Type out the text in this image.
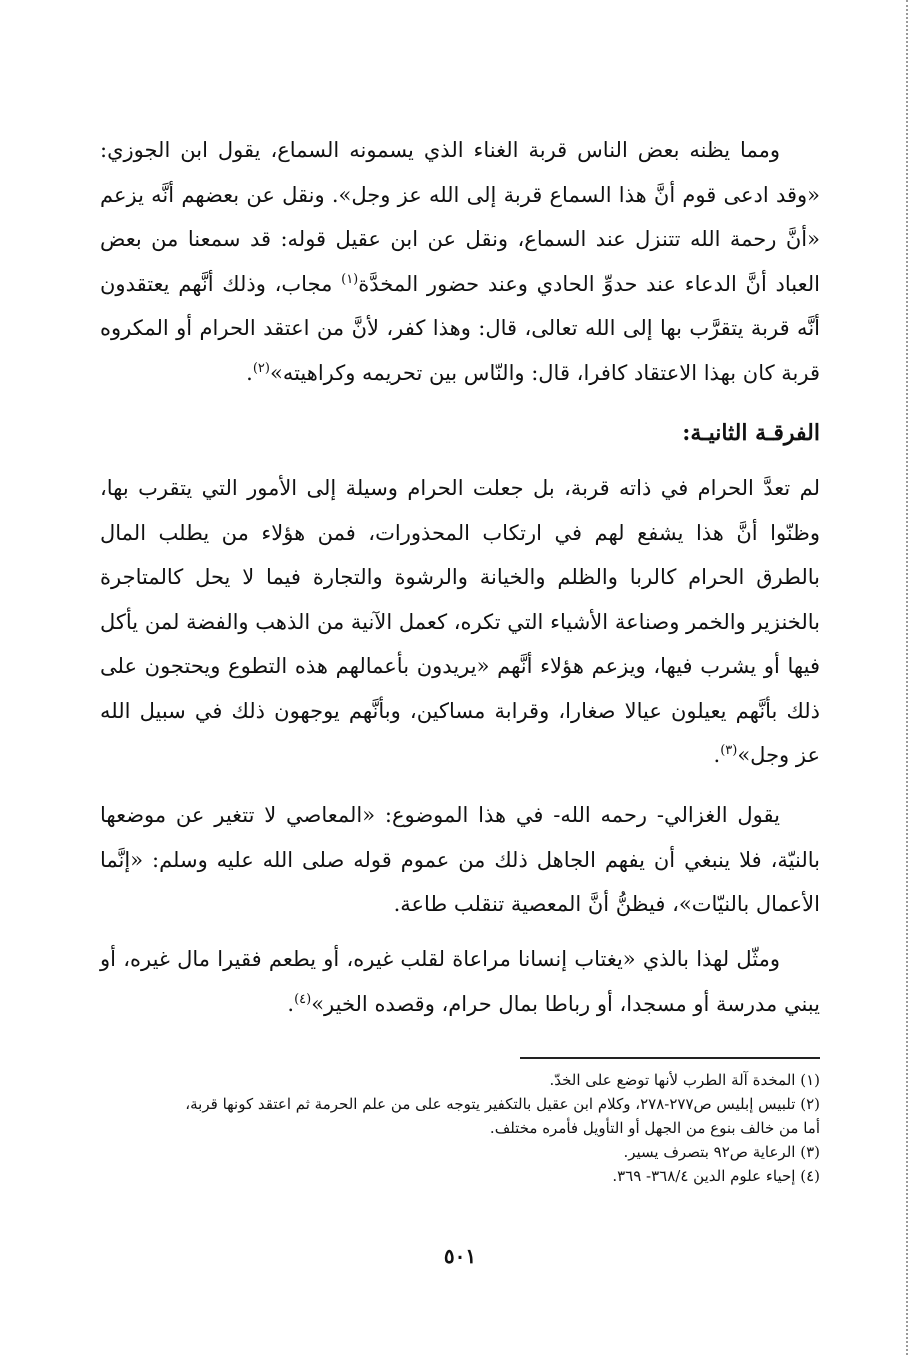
ومما يظنه بعض الناس قربة الغناء الذي يسمونه السماع، يقول ابن الجوزي: «وقد ادعى قوم أنَّ هذا السماع قربة إلى الله عز وجل». ونقل عن بعضهم أنَّه يزعم «أنَّ رحمة الله تتنزل عند السماع، ونقل عن ابن عقيل قوله: قد سمعنا من بعض العباد أنَّ الدعاء عند حدوِّ الحادي وعند حضور المخدَّة$^{(١)}$ مجاب، وذلك أنَّهم يعتقدون أنَّه قربة يتقرَّب بها إلى الله تعالى، قال: وهذا كفر، لأنَّ من اعتقد الحرام أو المكروه قربة كان بهذا الاعتقاد كافرا، قال: والنّاس بين تحريمه وكراهيته»$^{(٢)}$.

الفرقـة الثانيـة:

لم تعدَّ الحرام في ذاته قربة، بل جعلت الحرام وسيلة إلى الأمور التي يتقرب بها، وظنّوا أنَّ هذا يشفع لهم في ارتكاب المحذورات، فمن هؤلاء من يطلب المال بالطرق الحرام كالربا والظلم والخيانة والرشوة والتجارة فيما لا يحل كالمتاجرة بالخنزير والخمر وصناعة الأشياء التي تكره، كعمل الآنية من الذهب والفضة لمن يأكل فيها أو يشرب فيها، ويزعم هؤلاء أنَّهم «يريدون بأعمالهم هذه التطوع ويحتجون على ذلك بأنَّهم يعيلون عيالا صغارا، وقرابة مساكين، وبأنَّهم يوجهون ذلك في سبيل الله عز وجل»$^{(٣)}$.

يقول الغزالي- رحمه الله- في هذا الموضوع: «المعاصي لا تتغير عن موضعها بالنيّة، فلا ينبغي أن يفهم الجاهل ذلك من عموم قوله صلى الله عليه وسلم: «إنَّما الأعمال بالنيّات»، فيظنُّ أنَّ المعصية تنقلب طاعة.

ومثّل لهذا بالذي «يغتاب إنسانا مراعاة لقلب غيره، أو يطعم فقيرا مال غيره، أو يبني مدرسة أو مسجدا، أو رباطا بمال حرام، وقصده الخير»$^{(٤)}$.

(١) المخدة آلة الطرب لأنها توضع على الخدّ.

(٢) تلبيس إبليس ص٢٧٧-٢٧٨، وكلام ابن عقيل بالتكفير يتوجه على من علم الحرمة ثم اعتقد كونها قربة،

أما من خالف بنوع من الجهل أو التأويل فأمره مختلف.

(٣) الرعاية ص٩٢ بتصرف يسير.

(٤) إحياء علوم الدين ٣٦٨/٤- ٣٦٩.

٥٠١
